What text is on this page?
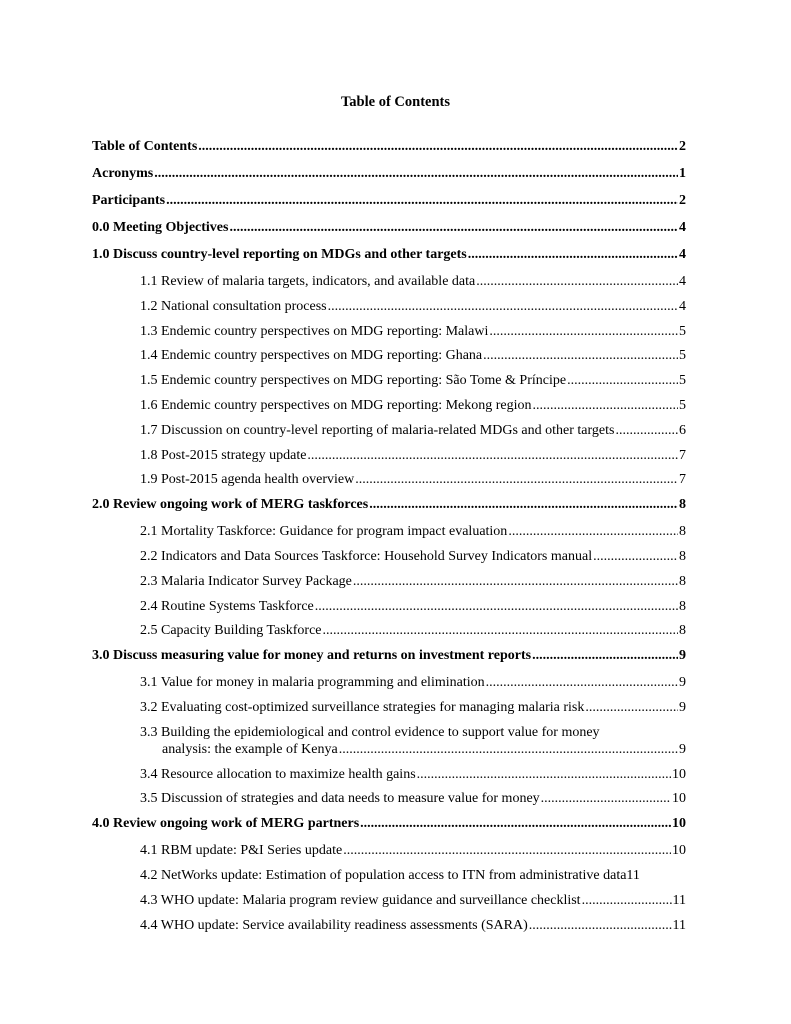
Table of Contents
Table of Contents .....	2
Acronyms .....	1
Participants .....	2
0.0 Meeting Objectives .....	4
1.0 Discuss country-level reporting on MDGs and other targets .....	4
1.1 Review of malaria targets, indicators, and available data .....	4
1.2 National consultation process .....	4
1.3 Endemic country perspectives on MDG reporting: Malawi .....	5
1.4 Endemic country perspectives on MDG reporting: Ghana .....	5
1.5 Endemic country perspectives on MDG reporting: São Tome & Príncipe .....	5
1.6 Endemic country perspectives on MDG reporting: Mekong region .....	5
1.7 Discussion on country-level reporting of malaria-related MDGs and other targets .....	6
1.8 Post-2015 strategy update .....	7
1.9 Post-2015 agenda health overview .....	7
2.0 Review ongoing work of MERG taskforces .....	8
2.1 Mortality Taskforce: Guidance for program impact evaluation .....	8
2.2 Indicators and Data Sources Taskforce: Household Survey Indicators manual .....	8
2.3 Malaria Indicator Survey Package .....	8
2.4 Routine Systems Taskforce .....	8
2.5 Capacity Building Taskforce .....	8
3.0 Discuss measuring value for money and returns on investment reports .....	9
3.1 Value for money in malaria programming and elimination .....	9
3.2 Evaluating cost-optimized surveillance strategies for managing malaria risk .....	9
3.3 Building the epidemiological and control evidence to support value for money
analysis: the example of Kenya .....	9
3.4 Resource allocation to maximize health gains .....	10
3.5 Discussion of strategies and data needs to measure value for money .....	10
4.0 Review ongoing work of MERG partners .....	10
4.1 RBM update: P&I Series update .....	10
4.2 NetWorks update: Estimation of population access to ITN from administrative data 11
4.3 WHO update: Malaria program review guidance and surveillance checklist .....	11
4.4 WHO update: Service availability readiness assessments (SARA) .....	11
